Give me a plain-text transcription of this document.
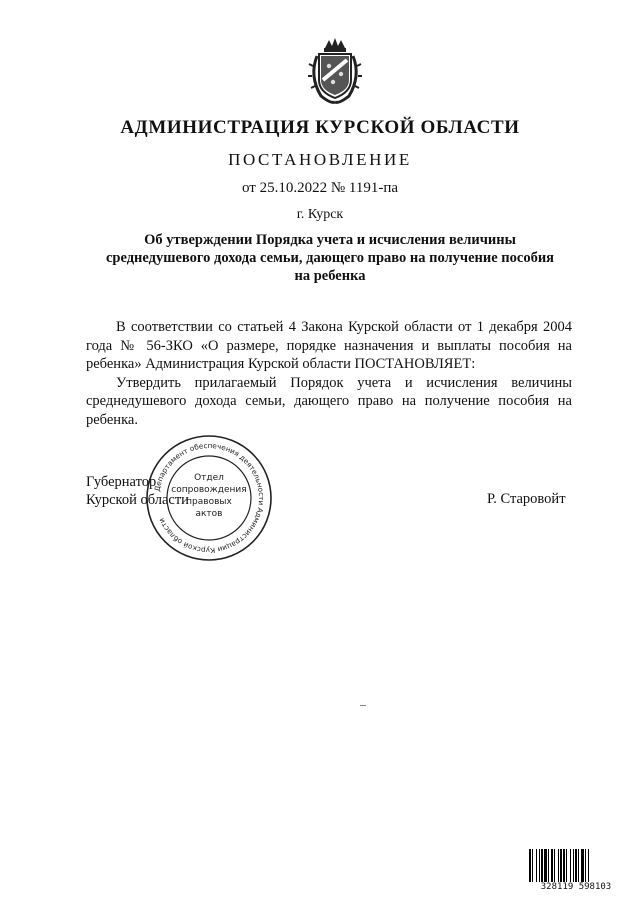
АДМИНИСТРАЦИЯ КУРСКОЙ ОБЛАСТИ
ПОСТАНОВЛЕНИЕ
от 25.10.2022 № 1191-па
г. Курск
Об утверждении Порядка учета и исчисления величины среднедушевого дохода семьи, дающего право на получение пособия на ребенка

В соответствии со статьей 4 Закона Курской области от 1 декабря 2004 года № 56-ЗКО «О размере, порядке назначения и выплаты пособия на ребенка» Администрация Курской области ПОСТАНОВЛЯЕТ:

Утвердить прилагаемый Порядок учета и исчисления величины среднедушевого дохода семьи, дающего право на получение пособия на ребенка.

Губернатор
Курской области	Р. Старовойт
Департамент обеспечения деятельности Администрации Курской области
Отдел
сопровождения
правовых
актов
328119 598103
